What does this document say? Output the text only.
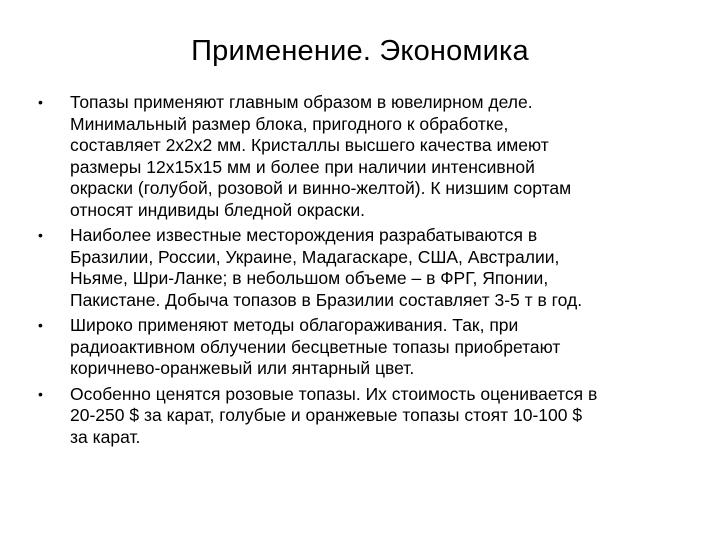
Применение. Экономика
• Топазы применяют главным образом в ювелирном деле.
Минимальный размер блока, пригодного к обработке,
составляет 2x2x2 мм. Кристаллы высшего качества имеют
размеры 12x15x15 мм и более при наличии интенсивной
окраски (голубой, розовой и винно-желтой). К низшим сортам
относят индивиды бледной окраски.
• Наиболее известные месторождения разрабатываются в
Бразилии, России, Украине, Мадагаскаре, США, Австралии,
Ньяме, Шри-Ланке; в небольшом объеме – в ФРГ, Японии,
Пакистане. Добыча топазов в Бразилии составляет 3-5 т в год.
• Широко применяют методы облагораживания. Так, при
радиоактивном облучении бесцветные топазы приобретают
коричнево-оранжевый или янтарный цвет.
• Особенно ценятся розовые топазы. Их стоимость оценивается в
20-250 $ за карат, голубые и оранжевые топазы стоят 10-100 $
за карат.
